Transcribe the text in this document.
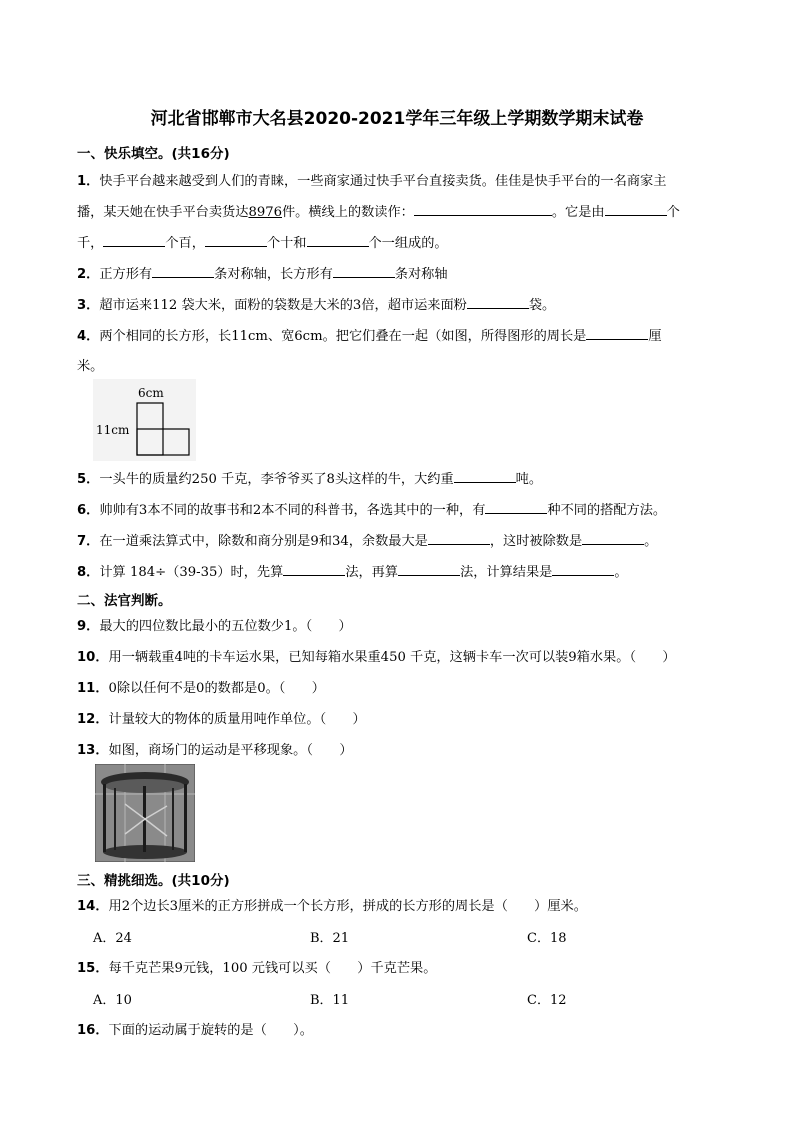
河北省邯郸市大名县2020-2021学年三年级上学期数学期末试卷
一、快乐填空。(共16分)
1．快手平台越来越受到人们的青睐，一些商家通过快手平台直接卖货。佳佳是快手平台的一名商家主
播，某天她在快手平台卖货达8976件。横线上的数读作：	。它是由	个
千，	个百，	个十和	个一组成的。
2．正方形有	条对称轴，长方形有	条对称轴
3．超市运来112 袋大米，面粉的袋数是大米的3倍，超市运来面粉	袋。
4．两个相同的长方形，长11cm、宽6cm。把它们叠在一起（如图，所得图形的周长是	厘
米。
6cm
11cm
5．一头牛的质量约250 千克，李爷爷买了8头这样的牛，大约重	吨。
6．帅帅有3本不同的故事书和2本不同的科普书，各选其中的一种，有	种不同的搭配方法。
7．在一道乘法算式中，除数和商分别是9和34，余数最大是	，这时被除数是	。
8．计算 184÷（39-35）时，先算	法，再算	法，计算结果是	。
二、法官判断。
9．最大的四位数比最小的五位数少1。（　　）
10．用一辆载重4吨的卡车运水果，已知每箱水果重450 千克，这辆卡车一次可以装9箱水果。（　　）
11．0除以任何不是0的数都是0。（　　）
12．计量较大的物体的质量用吨作单位。（　　）
13．如图，商场门的运动是平移现象。（　　）
三、精挑细选。(共10分)
14．用2个边长3厘米的正方形拼成一个长方形，拼成的长方形的周长是（　　）厘米。
A．24	B．21	C．18
15．每千克芒果9元钱，100 元钱可以买（　　）千克芒果。
A．10	B．11	C．12
16．下面的运动属于旋转的是（　　）。
